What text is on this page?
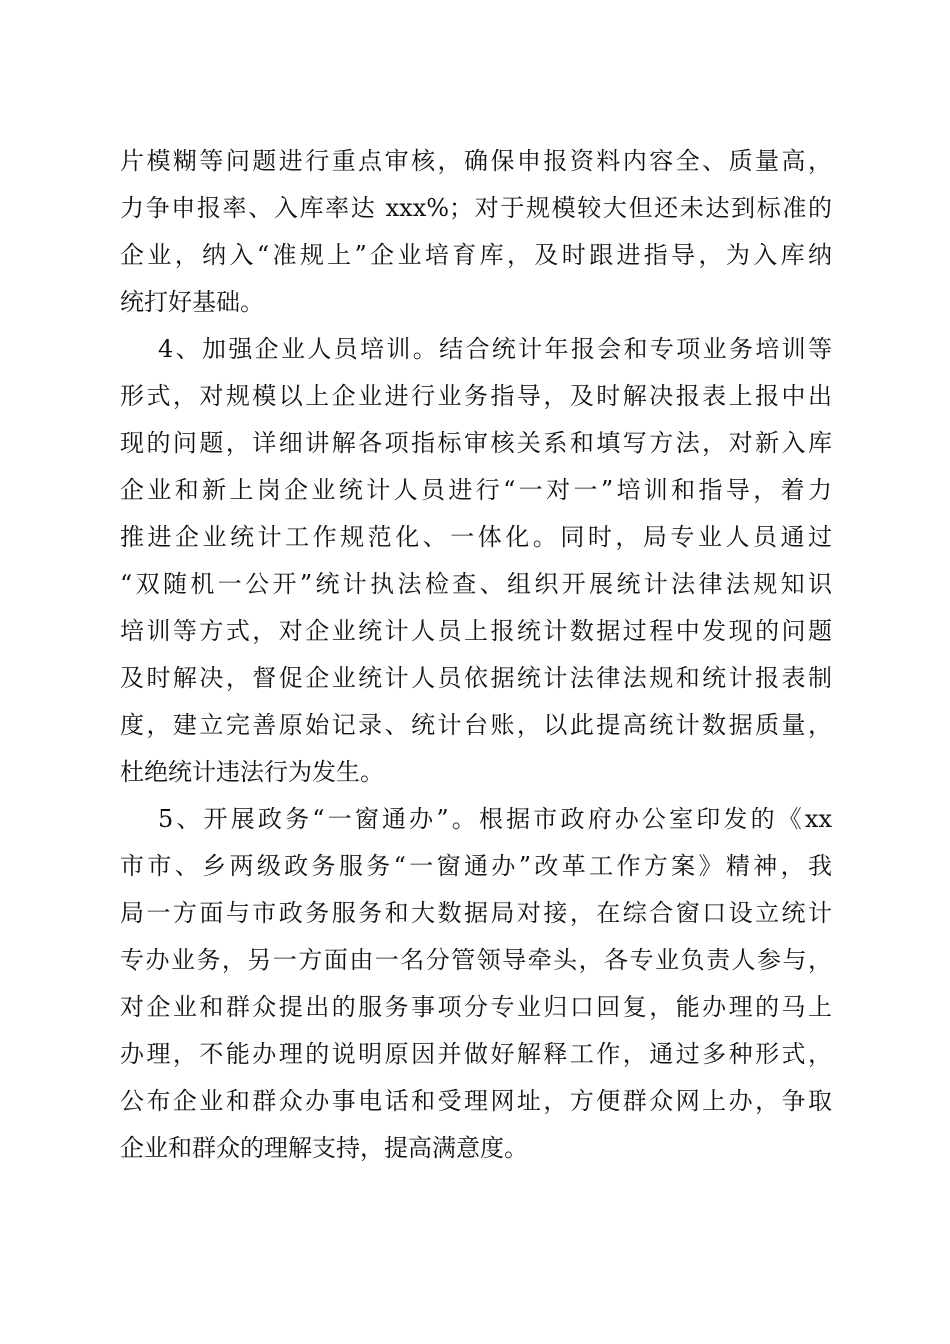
片模糊等问题进行重点审核，确保申报资料内容全、质量高，
力争申报率、入库率达 xxx%；对于规模较大但还未达到标准的
企业，纳入“准规上”企业培育库，及时跟进指导，为入库纳
统打好基础。
4、加强企业人员培训。结合统计年报会和专项业务培训等
形式，对规模以上企业进行业务指导，及时解决报表上报中出
现的问题，详细讲解各项指标审核关系和填写方法，对新入库
企业和新上岗企业统计人员进行“一对一”培训和指导，着力
推进企业统计工作规范化、一体化。同时，局专业人员通过
“双随机一公开”统计执法检查、组织开展统计法律法规知识
培训等方式，对企业统计人员上报统计数据过程中发现的问题
及时解决，督促企业统计人员依据统计法律法规和统计报表制
度，建立完善原始记录、统计台账，以此提高统计数据质量，
杜绝统计违法行为发生。
5、开展政务“一窗通办”。根据市政府办公室印发的《xx
市市、乡两级政务服务“一窗通办”改革工作方案》精神，我
局一方面与市政务服务和大数据局对接，在综合窗口设立统计
专办业务，另一方面由一名分管领导牵头，各专业负责人参与，
对企业和群众提出的服务事项分专业归口回复，能办理的马上
办理，不能办理的说明原因并做好解释工作，通过多种形式，
公布企业和群众办事电话和受理网址，方便群众网上办，争取
企业和群众的理解支持，提高满意度。
